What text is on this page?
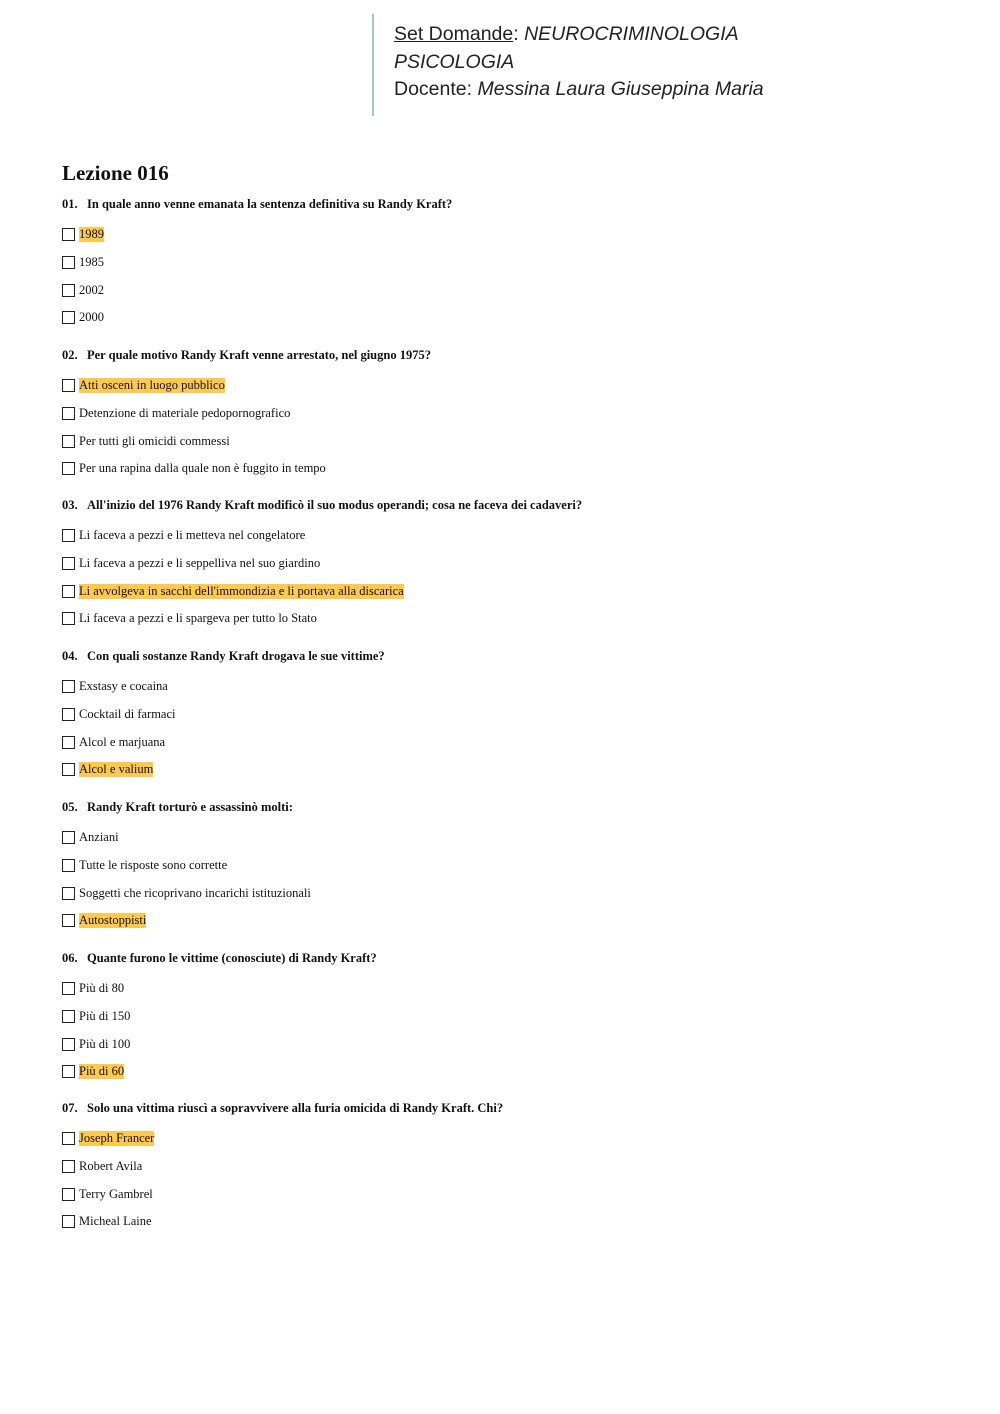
Set Domande: NEUROCRIMINOLOGIA
PSICOLOGIA
Docente: Messina Laura Giuseppina Maria
Lezione 016
01. In quale anno venne emanata la sentenza definitiva su Randy Kraft?
1989
1985
2002
2000
02. Per quale motivo Randy Kraft venne arrestato, nel giugno 1975?
Atti osceni in luogo pubblico
Detenzione di materiale pedopornografico
Per tutti gli omicidi commessi
Per una rapina dalla quale non è fuggito in tempo
03. All'inizio del 1976 Randy Kraft modificò il suo modus operandi; cosa ne faceva dei cadaveri?
Li faceva a pezzi e li metteva nel congelatore
Li faceva a pezzi e li seppelliva nel suo giardino
Li avvolgeva in sacchi dell'immondizia e li portava alla discarica
Li faceva a pezzi e li spargeva per tutto lo Stato
04. Con quali sostanze Randy Kraft drogava le sue vittime?
Exstasy e cocaina
Cocktail di farmaci
Alcol e marjuana
Alcol e valium
05. Randy Kraft torturò e assassinò molti:
Anziani
Tutte le risposte sono corrette
Soggetti che ricoprivano incarichi istituzionali
Autostoppisti
06. Quante furono le vittime (conosciute) di Randy Kraft?
Più di 80
Più di 150
Più di 100
Più di 60
07. Solo una vittima riuscì a sopravvivere alla furia omicida di Randy Kraft. Chi?
Joseph Francer
Robert Avila
Terry Gambrel
Micheal Laine
